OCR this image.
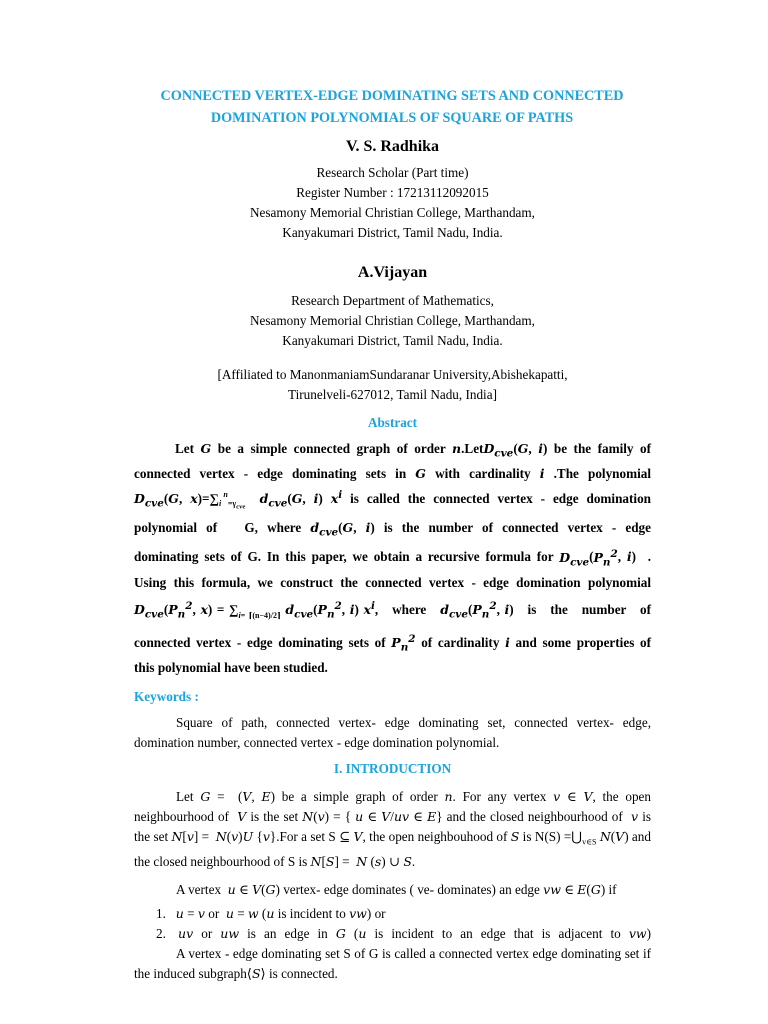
CONNECTED VERTEX-EDGE DOMINATING SETS AND CONNECTED
DOMINATION POLYNOMIALS OF SQUARE OF PATHS
V. S. Radhika
Research Scholar (Part time)
Register Number : 17213112092015
Nesamony Memorial Christian College, Marthandam,
Kanyakumari District, Tamil Nadu, India.
A.Vijayan
Research Department of Mathematics,
Nesamony Memorial Christian College, Marthandam,
Kanyakumari District, Tamil Nadu, India.
[Affiliated to ManonmaniamSundaranar University,Abishekapatti,
Tirunelveli-627012, Tamil Nadu, India]
Abstract
Let G be a simple connected graph of order n.LetD$_{cve}$(G, i) be the family of
connected vertex - edge dominating sets in G with cardinality i .The polynomial
$D_{cve}(G$, $x)=\sum_{i =\gamma_{cve}}^n$	$d_{cve}(G$, i) $x^i$ is called the connected vertex - edge domination
polynomial of   G, where $d_{cve}(G$, i) is the number of connected vertex - edge
dominating sets of G. In this paper, we obtain a recursive formula for $D_{cve}(P_n^2$, i)  .
Using this formula, we construct the connected vertex - edge domination polynomial
$D_{cve}(P_n^2$, $x) = \sum_{i= ⌈(n-4)/2⌉}$ $d_{cve}(P_n^2$, i) $x^i$,   where   $d_{cve}(P_n^2$, i)   is   the   number   of
connected vertex - edge dominating sets of $P_n^2$ of cardinality i and some properties of
this polynomial have been studied.
Keywords :
Square of path, connected vertex- edge dominating set, connected vertex- edge, domination number, connected vertex - edge domination polynomial.
I. INTRODUCTION
Let G =  (V, E) be a simple graph of order n. For any vertex v ∈ V, the open neighbourhood of  V is the set N(v) = { u ∈ V/uv ∈ E} and the closed neighbourhood of  v is the set N[v] =  N(v)U {v}.For a set S ⊆ V, the open neighbouhood of S is $N(S) =⋃_{v\in S}$ N(V) and the closed neighbourhood of S is N[S] =  N (s) ∪ S.
A vertex  u ∈ V(G) vertex- edge dominates ( ve- dominates) an edge vw ∈ E(G) if
1.   u = v or  u = w (u is incident to vw) or
2.   uv  or  uw  is  an  edge  in  G  (u  is  incident  to  an  edge  that  is  adjacent  to  vw)
A vertex - edge dominating set S of G is called a connected vertex edge dominating set if the induced subgraph⟨S⟩ is connected.
